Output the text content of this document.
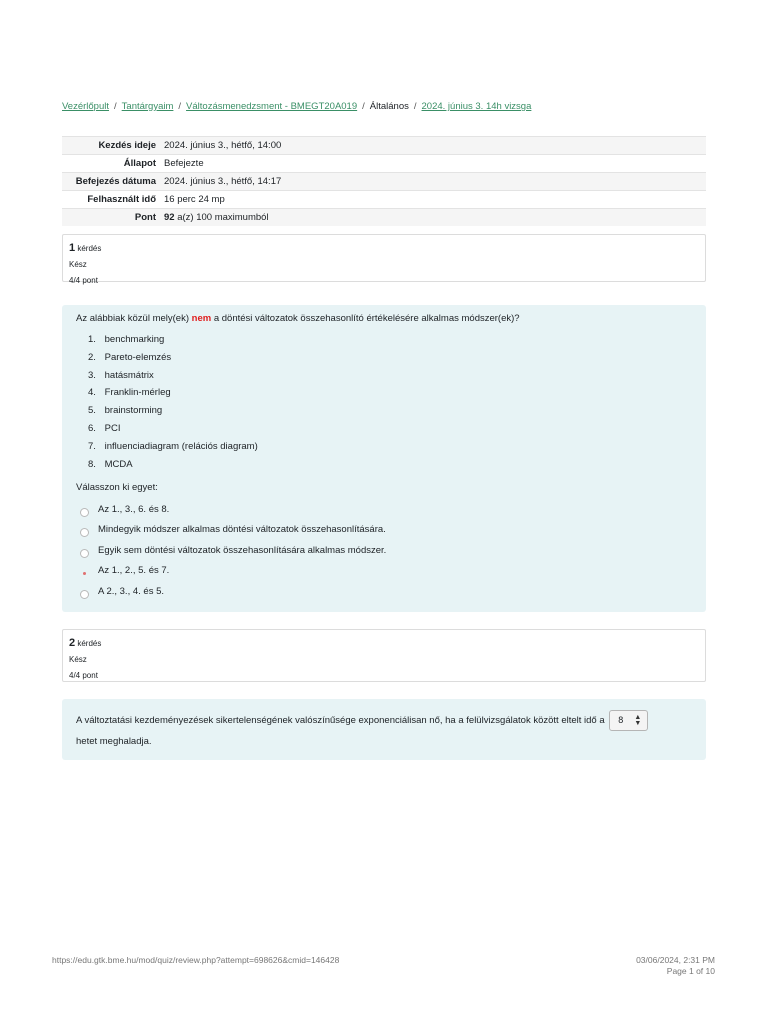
Vezérlőpult / Tantárgyaim / Változásmenedzsment - BMEGT20A019 / Általános / 2024. június 3. 14h vizsga
Kezdés ideje	2024. június 3., hétfő, 14:00
Állapot	Befejezte
Befejezés dátuma	2024. június 3., hétfő, 14:17
Felhasznált idő	16 perc 24 mp
Pont	92 a(z) 100 maximumból
1 kérdés
Kész
4/4 pont
Az alábbiak közül mely(ek) nem a döntési változatok összehasonlító értékelésére alkalmas módszer(ek)?
1. benchmarking
2. Pareto-elemzés
3. hatásmátrix
4. Franklin-mérleg
5. brainstorming
6. PCI
7. influenciadiagram (relációs diagram)
8. MCDA
Válasszon ki egyet:
Az 1., 3., 6. és 8.
Mindegyik módszer alkalmas döntési változatok összehasonlítására.
Egyik sem döntési változatok összehasonlítására alkalmas módszer.
Az 1., 2., 5. és 7.
A 2., 3., 4. és 5.
2 kérdés
Kész
4/4 pont
A változtatási kezdeményezések sikertelenségének valószínűsége exponenciálisan nő, ha a felülvizsgálatok között eltelt idő a 8 ▲
▼

hetet meghaladja.
https://edu.gtk.bme.hu/mod/quiz/review.php?attempt=698626&cmid=146428	03/06/2024, 2:31 PM
Page 1 of 10
